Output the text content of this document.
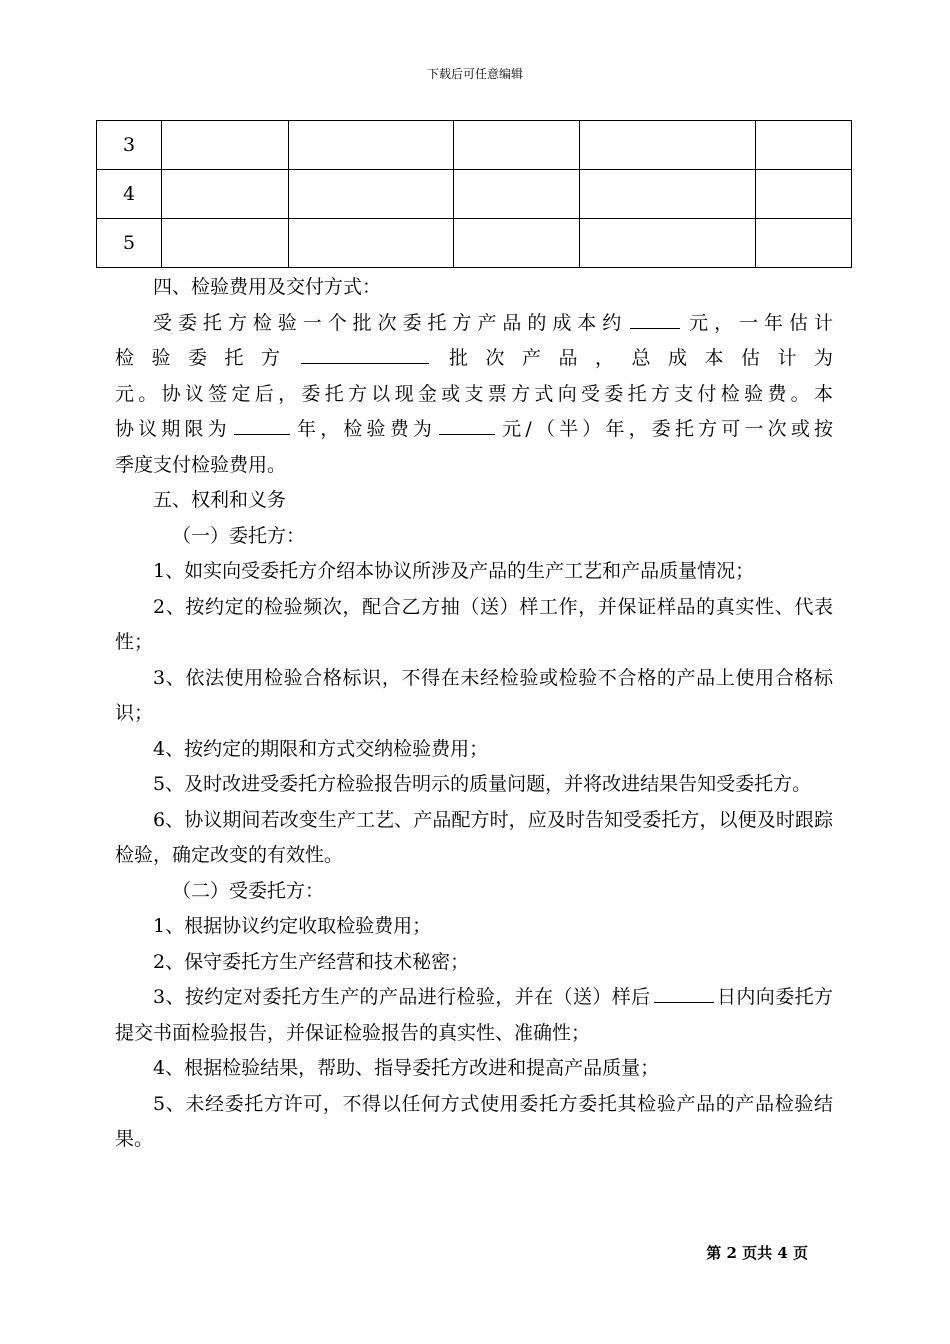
下载后可任意编辑
3					
4					
5					

四、检验费用及交付方式：

受委托方检验一个批次委托方产品的成本约	元，一年估计

检验委托方	批次产品，总成本估计为

元。协议签定后，委托方以现金或支票方式向受委托方支付检验费。本

协议期限为	年，检验费为	元/（半）年，委托方可一次或按

季度支付检验费用。

五、权利和义务

（一）委托方：

1、如实向受委托方介绍本协议所涉及产品的生产工艺和产品质量情况；

2、按约定的检验频次，配合乙方抽（送）样工作，并保证样品的真实性、代表性；

3、依法使用检验合格标识，不得在未经检验或检验不合格的产品上使用合格标识；

4、按约定的期限和方式交纳检验费用；

5、及时改进受委托方检验报告明示的质量问题，并将改进结果告知受委托方。

6、协议期间若改变生产工艺、产品配方时，应及时告知受委托方，以便及时跟踪检验，确定改变的有效性。

（二）受委托方：

1、根据协议约定收取检验费用；

2、保守委托方生产经营和技术秘密；

3、按约定对委托方生产的产品进行检验，并在（送）样后	日内向委托方提交书面检验报告，并保证检验报告的真实性、准确性；

4、根据检验结果，帮助、指导委托方改进和提高产品质量；

5、未经委托方许可，不得以任何方式使用委托方委托其检验产品的产品检验结果。

第 2 页共 4 页
